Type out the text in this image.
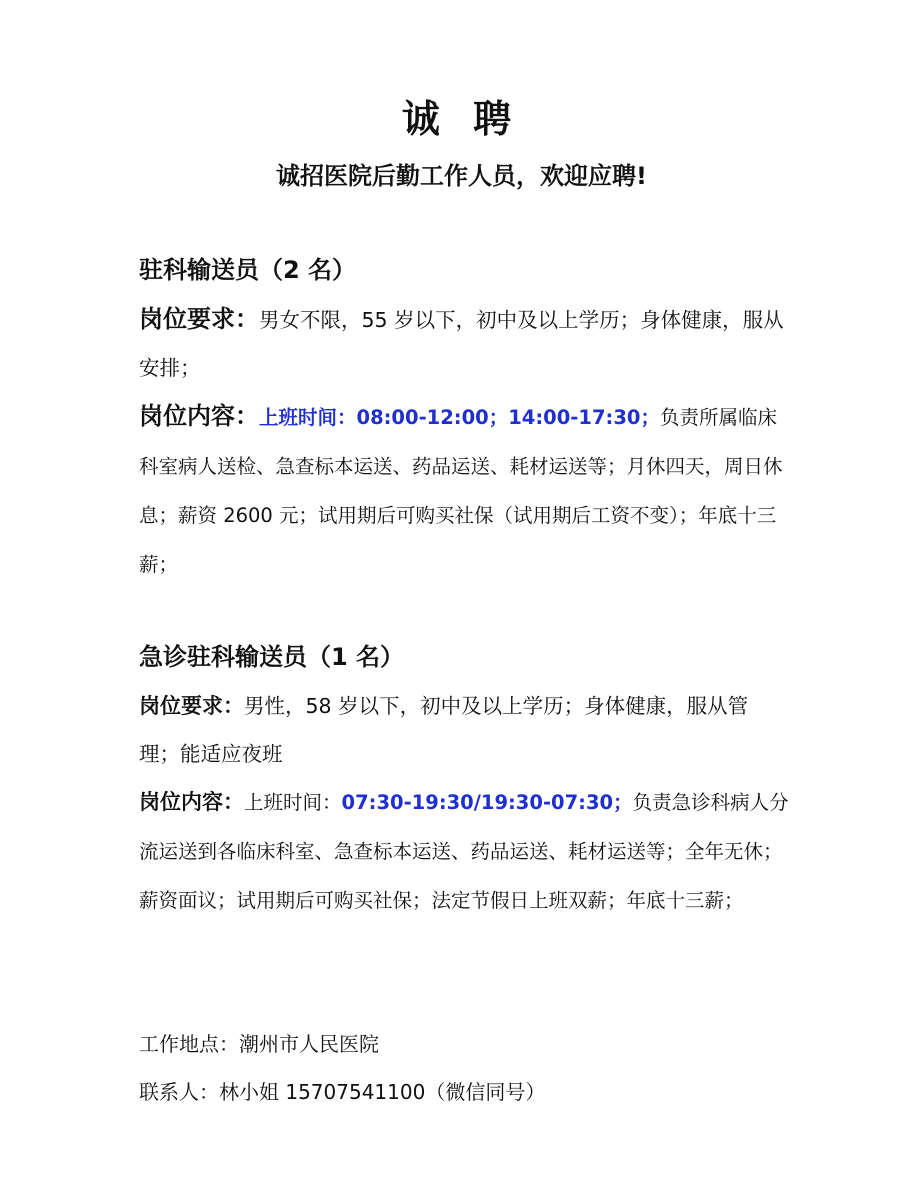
诚 聘
诚招医院后勤工作人员，欢迎应聘!

驻科输送员（2 名）

岗位要求：男女不限，55 岁以下，初中及以上学历；身体健康，服从安排；

岗位内容：上班时间：08:00-12:00；14:00-17:30；负责所属临床科室病人送检、急查标本运送、药品运送、耗材运送等；月休四天，周日休息；薪资 2600 元；试用期后可购买社保（试用期后工资不变）；年底十三薪；

急诊驻科输送员（1 名）

岗位要求：男性，58 岁以下，初中及以上学历；身体健康，服从管理；能适应夜班

岗位内容：上班时间：07:30-19:30/19:30-07:30；负责急诊科病人分流运送到各临床科室、急查标本运送、药品运送、耗材运送等；全年无休；薪资面议；试用期后可购买社保；法定节假日上班双薪；年底十三薪；

工作地点：潮州市人民医院

联系人：林小姐 15707541100（微信同号）
